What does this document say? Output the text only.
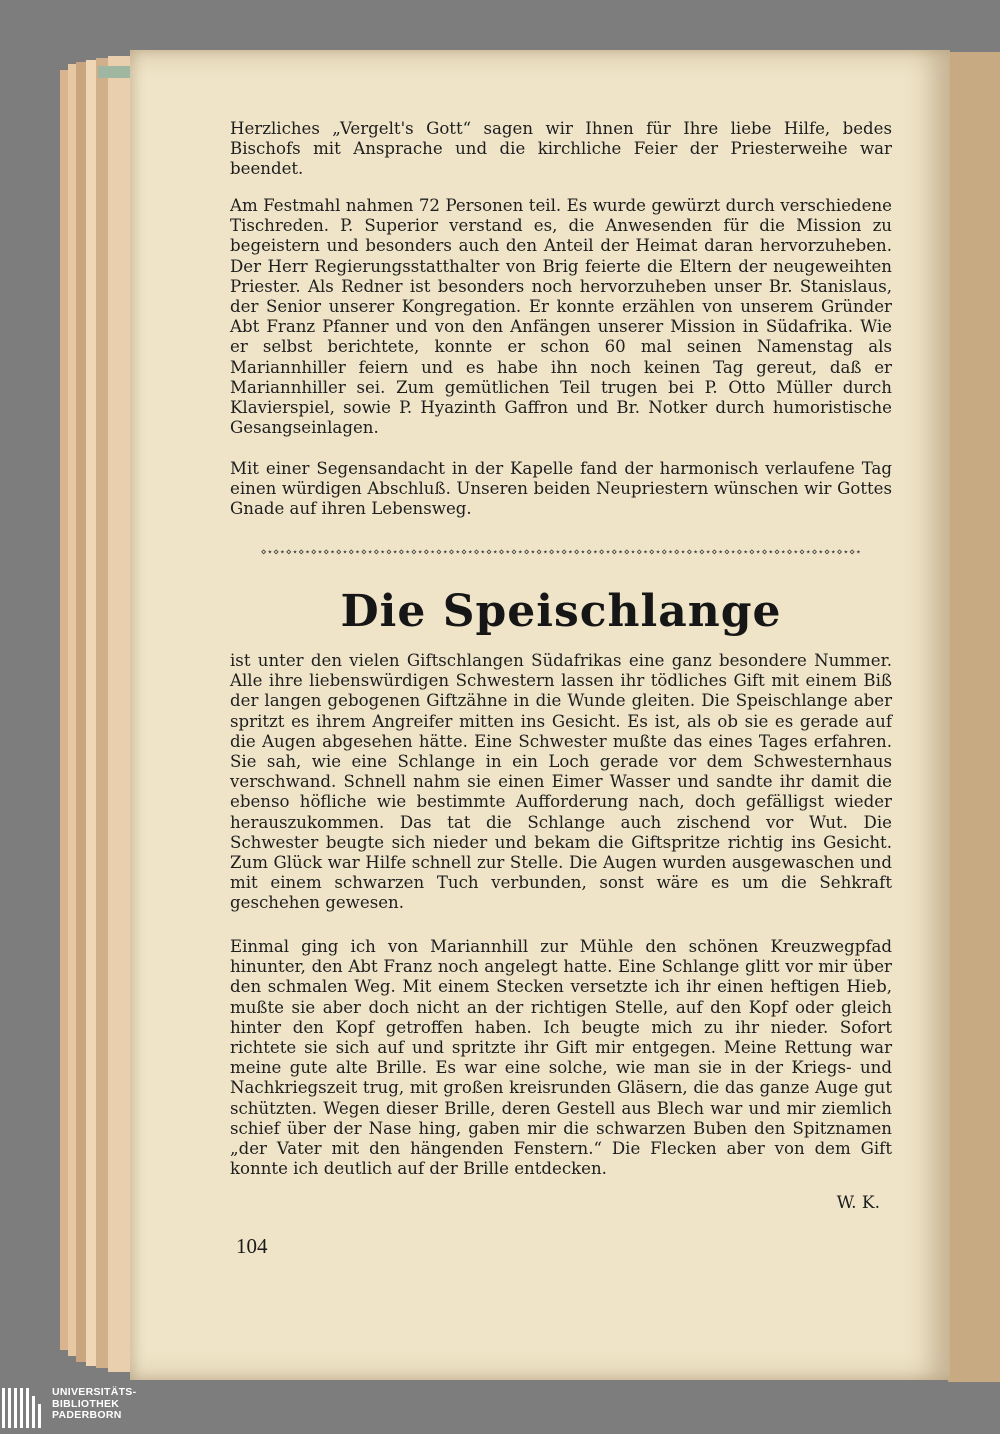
Herzliches „Vergelt's Gott“ sagen wir Ihnen für Ihre liebe Hilfe, bedes Bischofs mit Ansprache und die kirchliche Feier der Priesterweihe war beendet.

Am Festmahl nahmen 72 Personen teil. Es wurde gewürzt durch verschiedene Tischreden. P. Superior verstand es, die Anwesenden für die Mission zu begeistern und besonders auch den Anteil der Heimat daran hervorzuheben. Der Herr Regierungsstatthalter von Brig feierte die Eltern der neugeweihten Priester. Als Redner ist besonders noch hervorzuheben unser Br. Stanislaus, der Senior unserer Kongregation. Er konnte erzählen von unserem Gründer Abt Franz Pfanner und von den Anfängen unserer Mission in Südafrika. Wie er selbst berichtete, konnte er schon 60 mal seinen Namenstag als Mariannhiller feiern und es habe ihn noch keinen Tag gereut, daß er Mariannhiller sei. Zum gemütlichen Teil trugen bei P. Otto Müller durch Klavierspiel, sowie P. Hyazinth Gaffron und Br. Notker durch humoristische Gesangseinlagen.

Mit einer Segensandacht in der Kapelle fand der harmonisch verlaufene Tag einen würdigen Abschluß. Unseren beiden Neupriestern wünschen wir Gottes Gnade auf ihren Lebensweg.

⋄⋆⋄⋆⋄⋆⋄⋆⋄⋆⋄⋆⋄⋆⋄⋆⋄⋆⋄⋆⋄⋆⋄⋆⋄⋆⋄⋆⋄⋆⋄⋆⋄⋆⋄⋆⋄⋆⋄⋆⋄⋆⋄⋆⋄⋆⋄⋆⋄⋆⋄⋆⋄⋆⋄⋆⋄⋆⋄⋆⋄⋆⋄⋆⋄⋆⋄⋆⋄⋆⋄⋆⋄⋆⋄⋆⋄⋆⋄⋆⋄⋆⋄⋆⋄⋆⋄⋆⋄⋆⋄⋆⋄⋆⋄⋆
Die Speischlange

ist unter den vielen Giftschlangen Südafrikas eine ganz besondere Nummer. Alle ihre liebenswürdigen Schwestern lassen ihr tödliches Gift mit einem Biß der langen gebogenen Giftzähne in die Wunde gleiten. Die Speischlange aber spritzt es ihrem Angreifer mitten ins Gesicht. Es ist, als ob sie es gerade auf die Augen abgesehen hätte. Eine Schwester mußte das eines Tages erfahren. Sie sah, wie eine Schlange in ein Loch gerade vor dem Schwesternhaus verschwand. Schnell nahm sie einen Eimer Wasser und sandte ihr damit die ebenso höfliche wie bestimmte Aufforderung nach, doch gefälligst wieder herauszukommen. Das tat die Schlange auch zischend vor Wut. Die Schwester beugte sich nieder und bekam die Giftspritze richtig ins Gesicht. Zum Glück war Hilfe schnell zur Stelle. Die Augen wurden ausgewaschen und mit einem schwarzen Tuch verbunden, sonst wäre es um die Sehkraft geschehen gewesen.

Einmal ging ich von Mariannhill zur Mühle den schönen Kreuzwegpfad hinunter, den Abt Franz noch angelegt hatte. Eine Schlange glitt vor mir über den schmalen Weg. Mit einem Stecken versetzte ich ihr einen heftigen Hieb, mußte sie aber doch nicht an der richtigen Stelle, auf den Kopf oder gleich hinter den Kopf getroffen haben. Ich beugte mich zu ihr nieder. Sofort richtete sie sich auf und spritzte ihr Gift mir entgegen. Meine Rettung war meine gute alte Brille. Es war eine solche, wie man sie in der Kriegs- und Nachkriegszeit trug, mit großen kreisrunden Gläsern, die das ganze Auge gut schützten. Wegen dieser Brille, deren Gestell aus Blech war und mir ziemlich schief über der Nase hing, gaben mir die schwarzen Buben den Spitznamen „der Vater mit den hängenden Fenstern.“ Die Flecken aber von dem Gift konnte ich deutlich auf der Brille entdecken.

W. K.
104
UNIVERSITÄTS-
BIBLIOTHEK
PADERBORN
